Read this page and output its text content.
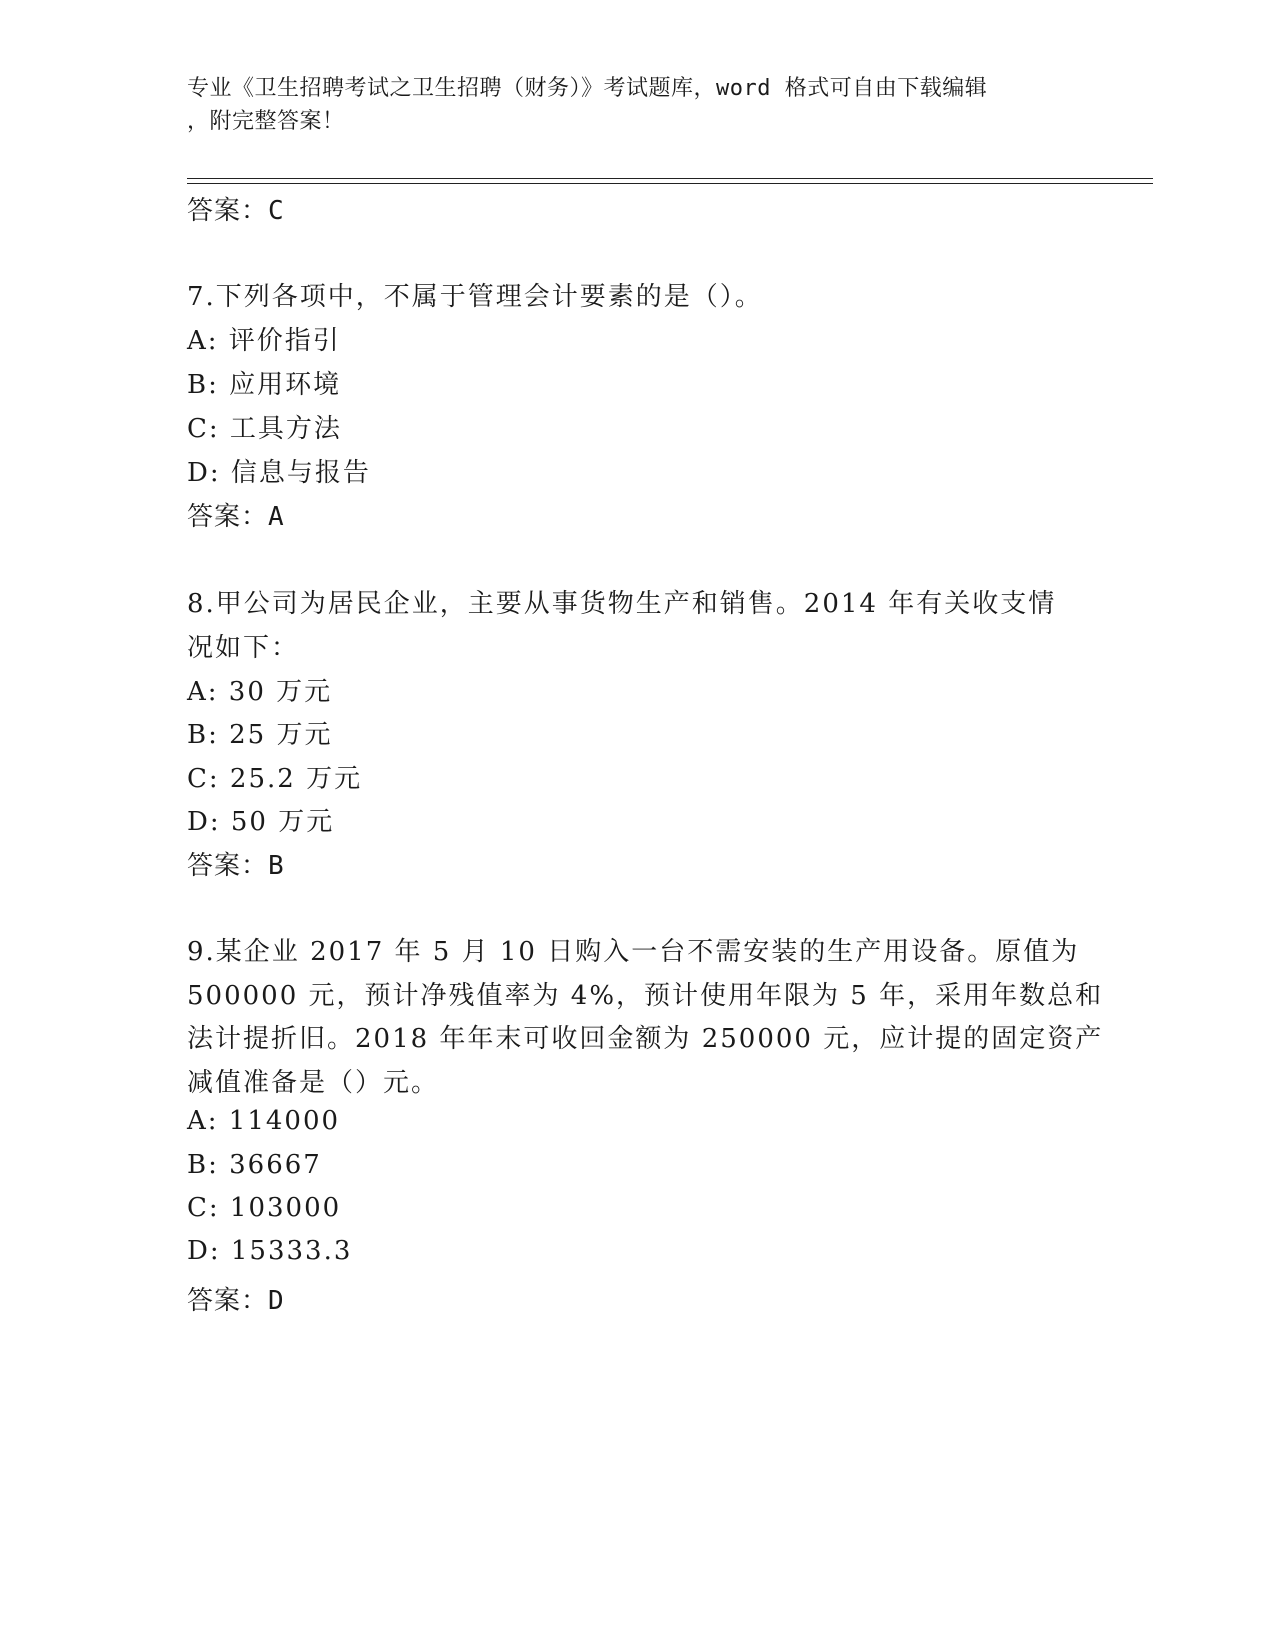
专业《卫生招聘考试之卫生招聘（财务）》考试题库，word 格式可自由下载编辑
，附完整答案！
答案：C
7.下列各项中，不属于管理会计要素的是（）。
A: 评价指引
B: 应用环境
C: 工具方法
D: 信息与报告
答案：A
8.甲公司为居民企业，主要从事货物生产和销售。2014 年有关收支情
况如下：
A: 30 万元
B: 25 万元
C: 25.2 万元
D: 50 万元
答案：B
9.某企业 2017 年 5 月 10 日购入一台不需安装的生产用设备。原值为
500000 元，预计净残值率为 4%，预计使用年限为 5 年，采用年数总和
法计提折旧。2018 年年末可收回金额为 250000 元，应计提的固定资产
减值准备是（）元。
A: 114000
B: 36667
C: 103000
D: 15333.3
答案：D
